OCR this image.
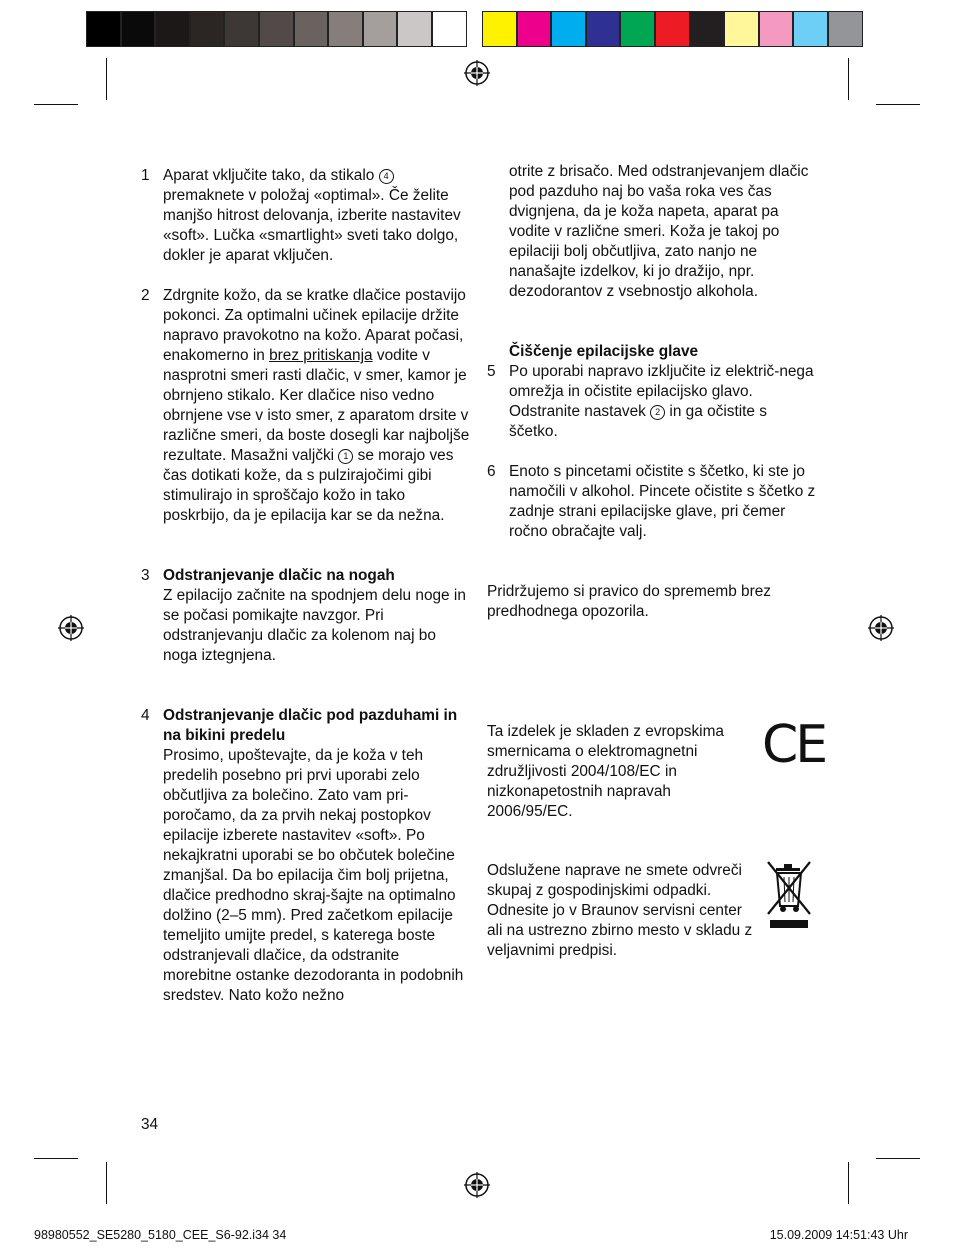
1 Aparat vključite tako, da stikalo 4
premaknete v položaj «optimal». Če želite manjšo hitrost delovanja, izberite nastavitev «soft». Lučka «smartlight» sveti tako dolgo, dokler je aparat vključen.

2 Zdrgnite kožo, da se kratke dlačice postavijo pokonci. Za optimalni učinek epilacije držite napravo pravokotno na kožo. Aparat počasi, enakomerno in brez pritiskanja vodite v nasprotni smeri rasti dlačic, v smer, kamor je obrnjeno stikalo. Ker dlačice niso vedno obrnjene vse v isto smer, z aparatom drsite v različne smeri, da boste dosegli kar najboljše rezultate. Masažni valjčki 1 se morajo ves čas dotikati kože, da s pulzirajočimi gibi stimulirajo in sproščajo kožo in tako poskrbijo, da je epilacija kar se da nežna.

3 Odstranjevanje dlačic na nogah
Z epilacijo začnite na spodnjem delu noge in se počasi pomikajte navzgor. Pri odstranjevanju dlačic za kolenom naj bo noga iztegnjena.

4 Odstranjevanje dlačic pod pazduhami in na bikini predelu
Prosimo, upoštevajte, da je koža v teh predelih posebno pri prvi uporabi zelo občutljiva za bolečino. Zato vam pri-poročamo, da za prvih nekaj postopkov epilacije izberete nastavitev «soft». Po nekajkratni uporabi se bo občutek bolečine zmanjšal. Da bo epilacija čim bolj prijetna, dlačice predhodno skraj-šajte na optimalno dolžino (2–5 mm). Pred začetkom epilacije temeljito umijte predel, s katerega boste odstranjevali dlačice, da odstranite morebitne ostanke dezodoranta in podobnih sredstev. Nato kožo nežno

34

otrite z brisačo. Med odstranjevanjem dlačic pod pazduho naj bo vaša roka ves čas dvignjena, da je koža napeta, aparat pa vodite v različne smeri. Koža je takoj po epilaciji bolj občutljiva, zato nanjo ne nanašajte izdelkov, ki jo dražijo, npr. dezodorantov z vsebnostjo alkohola.

Čiščenje epilacijske glave

5 Po uporabi napravo izključite iz električ-nega omrežja in očistite epilacijsko glavo.
Odstranite nastavek 2 in ga očistite s ščetko.

6 Enoto s pincetami očistite s ščetko, ki ste jo namočili v alkohol. Pincete očistite s ščetko z zadnje strani epilacijske glave, pri čemer ročno obračajte valj.

Pridržujemo si pravico do sprememb brez predhodnega opozorila.

Ta izdelek je skladen z evropskima smernicama o elektromagnetni združljivosti 2004/108/EC in nizkonapetostnih napravah 2006/95/EC.
CE
Odslužene naprave ne smete odvreči skupaj z gospodinjskimi odpadki. Odnesite jo v Braunov servisni center ali na ustrezno zbirno mesto v skladu z veljavnimi predpisi.
98980552_SE5280_5180_CEE_S6-92.i34 34	15.09.2009 14:51:43 Uhr
